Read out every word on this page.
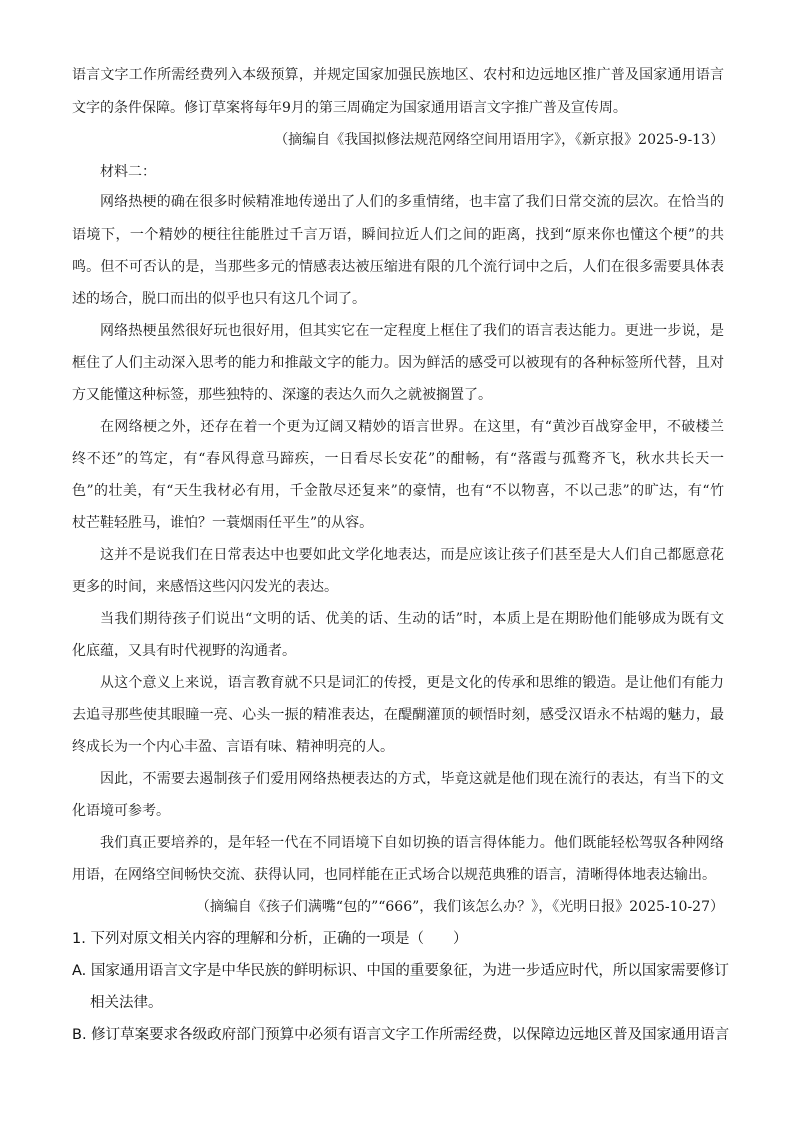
语言文字工作所需经费列入本级预算，并规定国家加强民族地区、农村和边远地区推广普及国家通用语言

文字的条件保障。修订草案将每年9月的第三周确定为国家通用语言文字推广普及宣传周。

（摘编自《我国拟修法规范网络空间用语用字》，《新京报》2025-9-13）

材料二：

网络热梗的确在很多时候精准地传递出了人们的多重情绪，也丰富了我们日常交流的层次。在恰当的

语境下，一个精妙的梗往往能胜过千言万语，瞬间拉近人们之间的距离，找到“原来你也懂这个梗”的共

鸣。但不可否认的是，当那些多元的情感表达被压缩进有限的几个流行词中之后，人们在很多需要具体表

述的场合，脱口而出的似乎也只有这几个词了。

网络热梗虽然很好玩也很好用，但其实它在一定程度上框住了我们的语言表达能力。更进一步说，是

框住了人们主动深入思考的能力和推敲文字的能力。因为鲜活的感受可以被现有的各种标签所代替，且对

方又能懂这种标签，那些独特的、深邃的表达久而久之就被搁置了。

在网络梗之外，还存在着一个更为辽阔又精妙的语言世界。在这里，有“黄沙百战穿金甲，不破楼兰

终不还”的笃定，有“春风得意马蹄疾，一日看尽长安花”的酣畅，有“落霞与孤鹜齐飞，秋水共长天一

色”的壮美，有“天生我材必有用，千金散尽还复来”的豪情，也有“不以物喜，不以己悲”的旷达，有“竹

杖芒鞋轻胜马，谁怕？一蓑烟雨任平生”的从容。

这并不是说我们在日常表达中也要如此文学化地表达，而是应该让孩子们甚至是大人们自己都愿意花

更多的时间，来感悟这些闪闪发光的表达。

当我们期待孩子们说出“文明的话、优美的话、生动的话”时，本质上是在期盼他们能够成为既有文

化底蕴，又具有时代视野的沟通者。

从这个意义上来说，语言教育就不只是词汇的传授，更是文化的传承和思维的锻造。是让他们有能力

去追寻那些使其眼瞳一亮、心头一振的精准表达，在醍醐灌顶的顿悟时刻，感受汉语永不枯竭的魅力，最

终成长为一个内心丰盈、言语有味、精神明亮的人。

因此，不需要去遏制孩子们爱用网络热梗表达的方式，毕竟这就是他们现在流行的表达，有当下的文

化语境可参考。

我们真正要培养的，是年轻一代在不同语境下自如切换的语言得体能力。他们既能轻松驾驭各种网络

用语，在网络空间畅快交流、获得认同，也同样能在正式场合以规范典雅的语言，清晰得体地表达输出。

（摘编自《孩子们满嘴“包的”“666”，我们该怎么办？》，《光明日报》2025-10-27）

1. 下列对原文相关内容的理解和分析，正确的一项是（　　）

A. 国家通用语言文字是中华民族的鲜明标识、中国的重要象征，为进一步适应时代，所以国家需要修订

相关法律。

B. 修订草案要求各级政府部门预算中必须有语言文字工作所需经费，以保障边远地区普及国家通用语言
